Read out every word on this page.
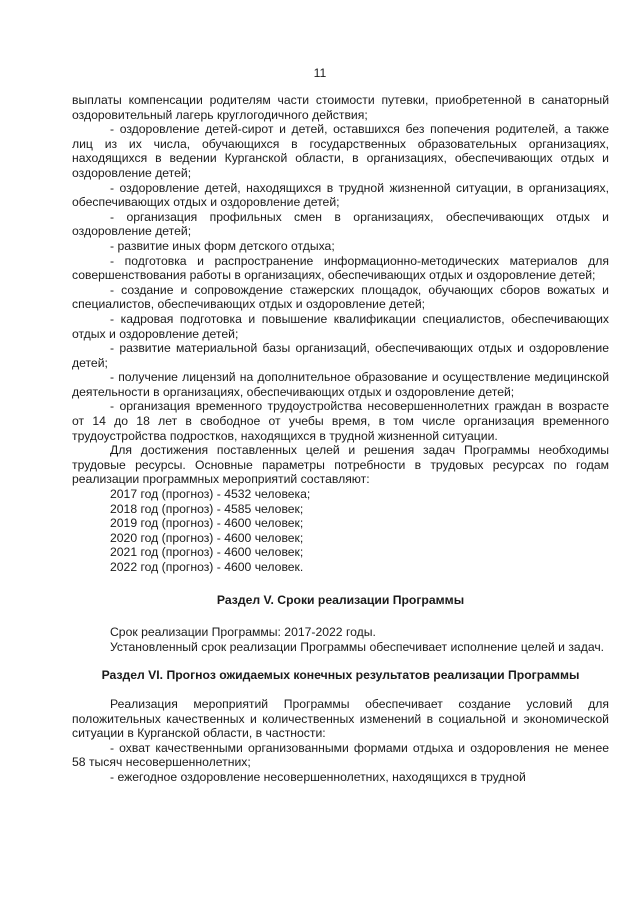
11

выплаты компенсации родителям части стоимости путевки, приобретенной в санаторный оздоровительный лагерь круглогодичного действия;

- оздоровление детей-сирот и детей, оставшихся без попечения родителей, а также лиц из их числа, обучающихся в государственных образовательных организациях, находящихся в ведении Курганской области, в организациях, обеспечивающих отдых и оздоровление детей;

- оздоровление детей, находящихся в трудной жизненной ситуации, в организациях, обеспечивающих отдых и оздоровление детей;

- организация профильных смен в организациях, обеспечивающих отдых и оздоровление детей;

- развитие иных форм детского отдыха;

- подготовка и распространение информационно-методических материалов для совершенствования работы в организациях, обеспечивающих отдых и оздоровление детей;

- создание и сопровождение стажерских площадок, обучающих сборов вожатых и специалистов, обеспечивающих отдых и оздоровление детей;

- кадровая подготовка и повышение квалификации специалистов, обеспечивающих отдых и оздоровление детей;

- развитие материальной базы организаций, обеспечивающих отдых и оздоровление детей;

- получение лицензий на дополнительное образование и осуществление медицинской деятельности в организациях, обеспечивающих отдых и оздоровление детей;

- организация временного трудоустройства несовершеннолетних граждан в возрасте от 14 до 18 лет в свободное от учебы время, в том числе организация временного трудоустройства подростков, находящихся в трудной жизненной ситуации.

Для достижения поставленных целей и решения задач Программы необходимы трудовые ресурсы. Основные параметры потребности в трудовых ресурсах по годам реализации программных мероприятий составляют:

2017 год (прогноз) - 4532 человека;

2018 год (прогноз) - 4585 человек;

2019 год (прогноз) - 4600 человек;

2020 год (прогноз) - 4600 человек;

2021 год (прогноз) - 4600 человек;

2022 год (прогноз) - 4600 человек.

Раздел V. Сроки реализации Программы

Срок реализации Программы: 2017-2022 годы.

Установленный срок реализации Программы обеспечивает исполнение целей и задач.

Раздел VI. Прогноз ожидаемых конечных результатов реализации Программы

Реализация мероприятий Программы обеспечивает создание условий для положительных качественных и количественных изменений в социальной и экономической ситуации в Курганской области, в частности:

- охват качественными организованными формами отдыха и оздоровления не менее 58 тысяч несовершеннолетних;

- ежегодное оздоровление несовершеннолетних, находящихся в трудной
